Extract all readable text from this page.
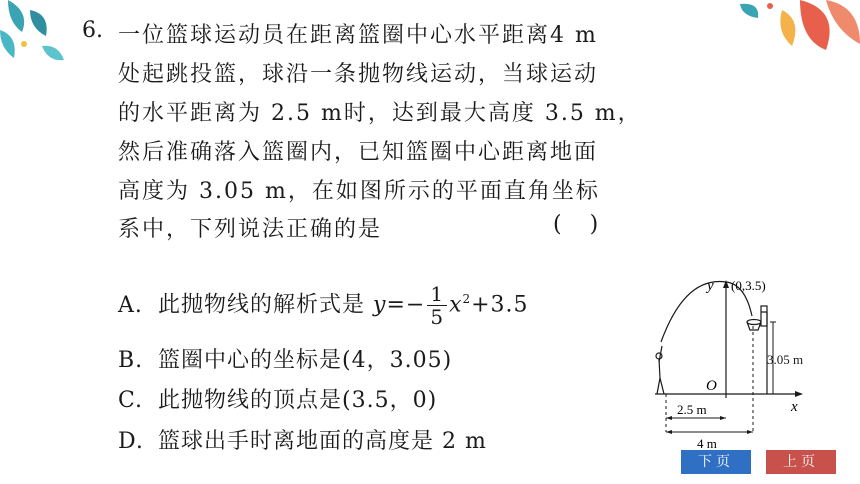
6. 一位篮球运动员在距离篮圈中心水平距离4 m
处起跳投篮，球沿一条抛物线运动，当球运动
的水平距离为 2.5 m时，达到最大高度 3.5 m，
然后准确落入篮圈内，已知篮圈中心距离地面
高度为 3.05 m，在如图所示的平面直角坐标
系中，下列说法正确的是	()
A. 此抛物线的解析式是 $y=- \frac{1}{5} x^2+3.5$
B. 篮圈中心的坐标是(4，3.05)
C. 此抛物线的顶点是(3.5，0)
D. 篮球出手时离地面的高度是 2 m
x
y (0,3.5)
O
3.05 m
2.5 m
4 m
下页	上页
